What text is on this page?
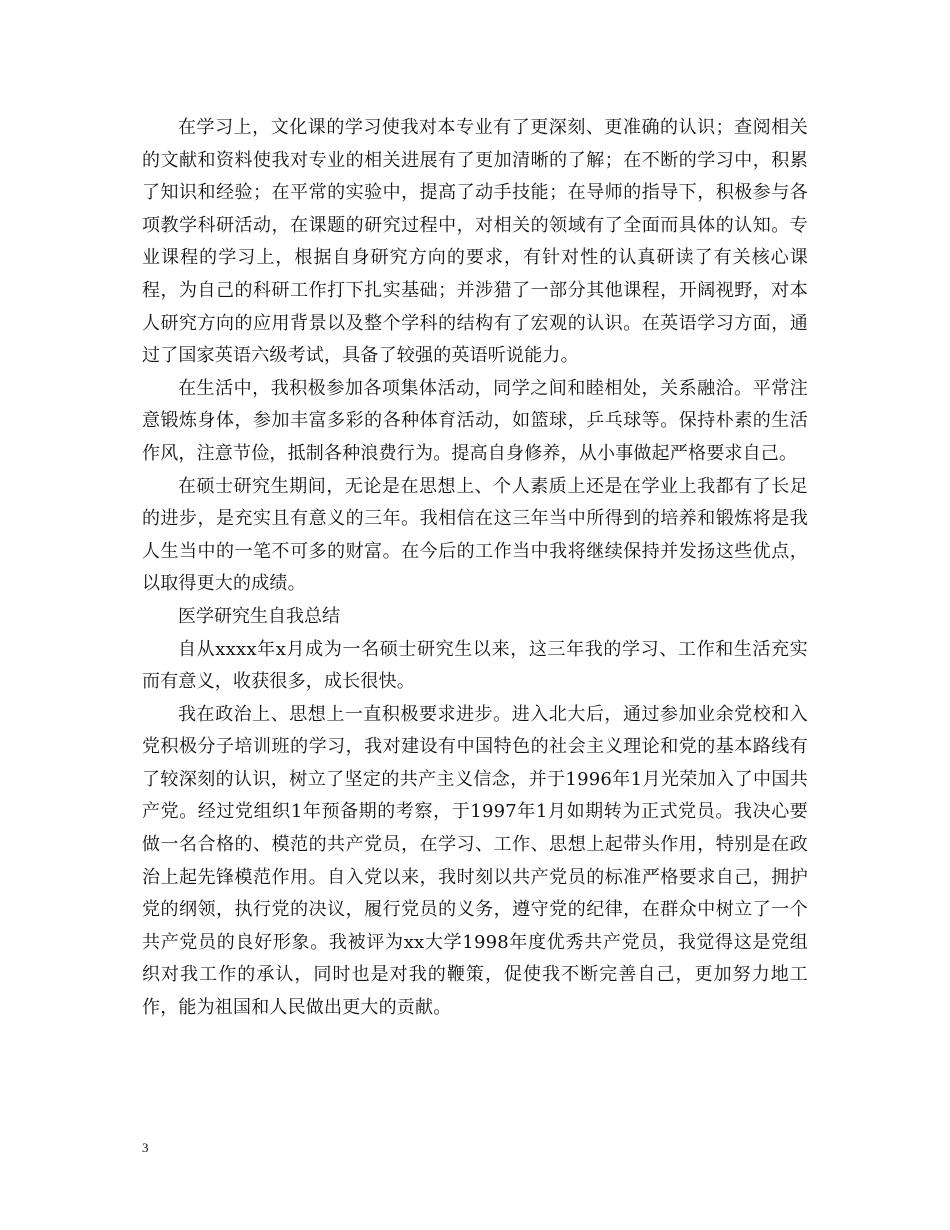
在学习上，文化课的学习使我对本专业有了更深刻、更准确的认识；查阅相关的文献和资料使我对专业的相关进展有了更加清晰的了解；在不断的学习中，积累了知识和经验；在平常的实验中，提高了动手技能；在导师的指导下，积极参与各项教学科研活动，在课题的研究过程中，对相关的领域有了全面而具体的认知。专业课程的学习上，根据自身研究方向的要求，有针对性的认真研读了有关核心课程，为自己的科研工作打下扎实基础；并涉猎了一部分其他课程，开阔视野，对本人研究方向的应用背景以及整个学科的结构有了宏观的认识。在英语学习方面，通过了国家英语六级考试，具备了较强的英语听说能力。

在生活中，我积极参加各项集体活动，同学之间和睦相处，关系融洽。平常注意锻炼身体，参加丰富多彩的各种体育活动，如篮球，乒乓球等。保持朴素的生活作风，注意节俭，抵制各种浪费行为。提高自身修养，从小事做起严格要求自己。

在硕士研究生期间，无论是在思想上、个人素质上还是在学业上我都有了长足的进步，是充实且有意义的三年。我相信在这三年当中所得到的培养和锻炼将是我人生当中的一笔不可多的财富。在今后的工作当中我将继续保持并发扬这些优点，以取得更大的成绩。

医学研究生自我总结

自从xxxx年x月成为一名硕士研究生以来，这三年我的学习、工作和生活充实而有意义，收获很多，成长很快。

我在政治上、思想上一直积极要求进步。进入北大后，通过参加业余党校和入党积极分子培训班的学习，我对建设有中国特色的社会主义理论和党的基本路线有了较深刻的认识，树立了坚定的共产主义信念，并于1996年1月光荣加入了中国共产党。经过党组织1年预备期的考察，于1997年1月如期转为正式党员。我决心要做一名合格的、模范的共产党员，在学习、工作、思想上起带头作用，特别是在政治上起先锋模范作用。自入党以来，我时刻以共产党员的标准严格要求自己，拥护党的纲领，执行党的决议，履行党员的义务，遵守党的纪律，在群众中树立了一个共产党员的良好形象。我被评为xx大学1998年度优秀共产党员，我觉得这是党组织对我工作的承认，同时也是对我的鞭策，促使我不断完善自己，更加努力地工作，能为祖国和人民做出更大的贡献。

3
